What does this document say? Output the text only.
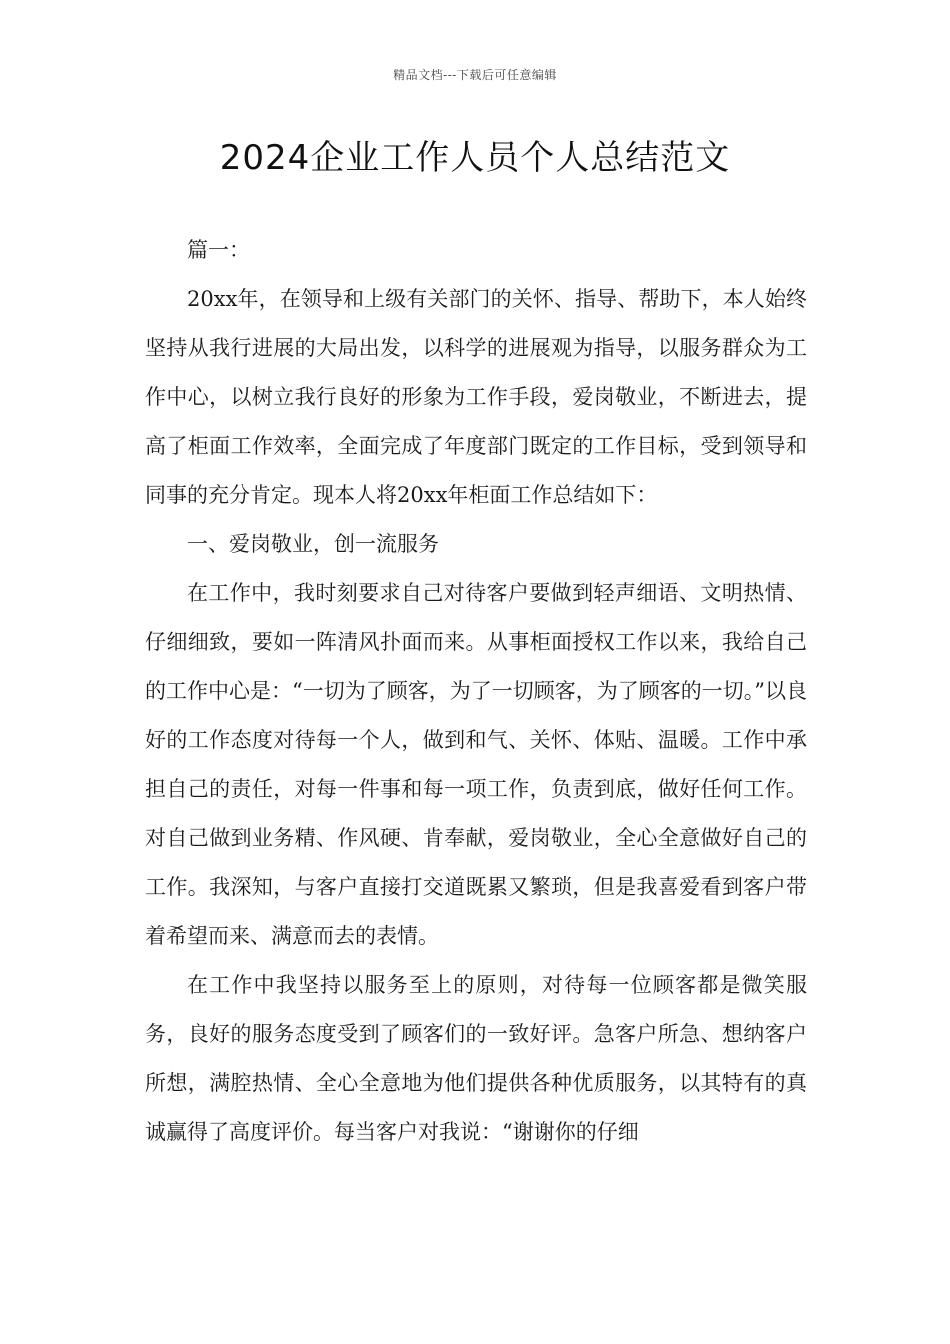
精品文档---下载后可任意编辑
2024企业工作人员个人总结范文

篇一：

20xx年，在领导和上级有关部门的关怀、指导、帮助下，本人始终坚持从我行进展的大局出发，以科学的进展观为指导，以服务群众为工作中心，以树立我行良好的形象为工作手段，爱岗敬业，不断进去，提高了柜面工作效率，全面完成了年度部门既定的工作目标，受到领导和同事的充分肯定。现本人将20xx年柜面工作总结如下：

一、爱岗敬业，创一流服务

在工作中，我时刻要求自己对待客户要做到轻声细语、文明热情、仔细细致，要如一阵清风扑面而来。从事柜面授权工作以来，我给自己的工作中心是：“一切为了顾客，为了一切顾客，为了顾客的一切。”以良好的工作态度对待每一个人，做到和气、关怀、体贴、温暖。工作中承担自己的责任，对每一件事和每一项工作，负责到底，做好任何工作。对自己做到业务精、作风硬、肯奉献，爱岗敬业，全心全意做好自己的工作。我深知，与客户直接打交道既累又繁琐，但是我喜爱看到客户带着希望而来、满意而去的表情。

在工作中我坚持以服务至上的原则，对待每一位顾客都是微笑服务，良好的服务态度受到了顾客们的一致好评。急客户所急、想纳客户所想，满腔热情、全心全意地为他们提供各种优质服务，以其特有的真诚赢得了高度评价。每当客户对我说：“谢谢你的仔细
